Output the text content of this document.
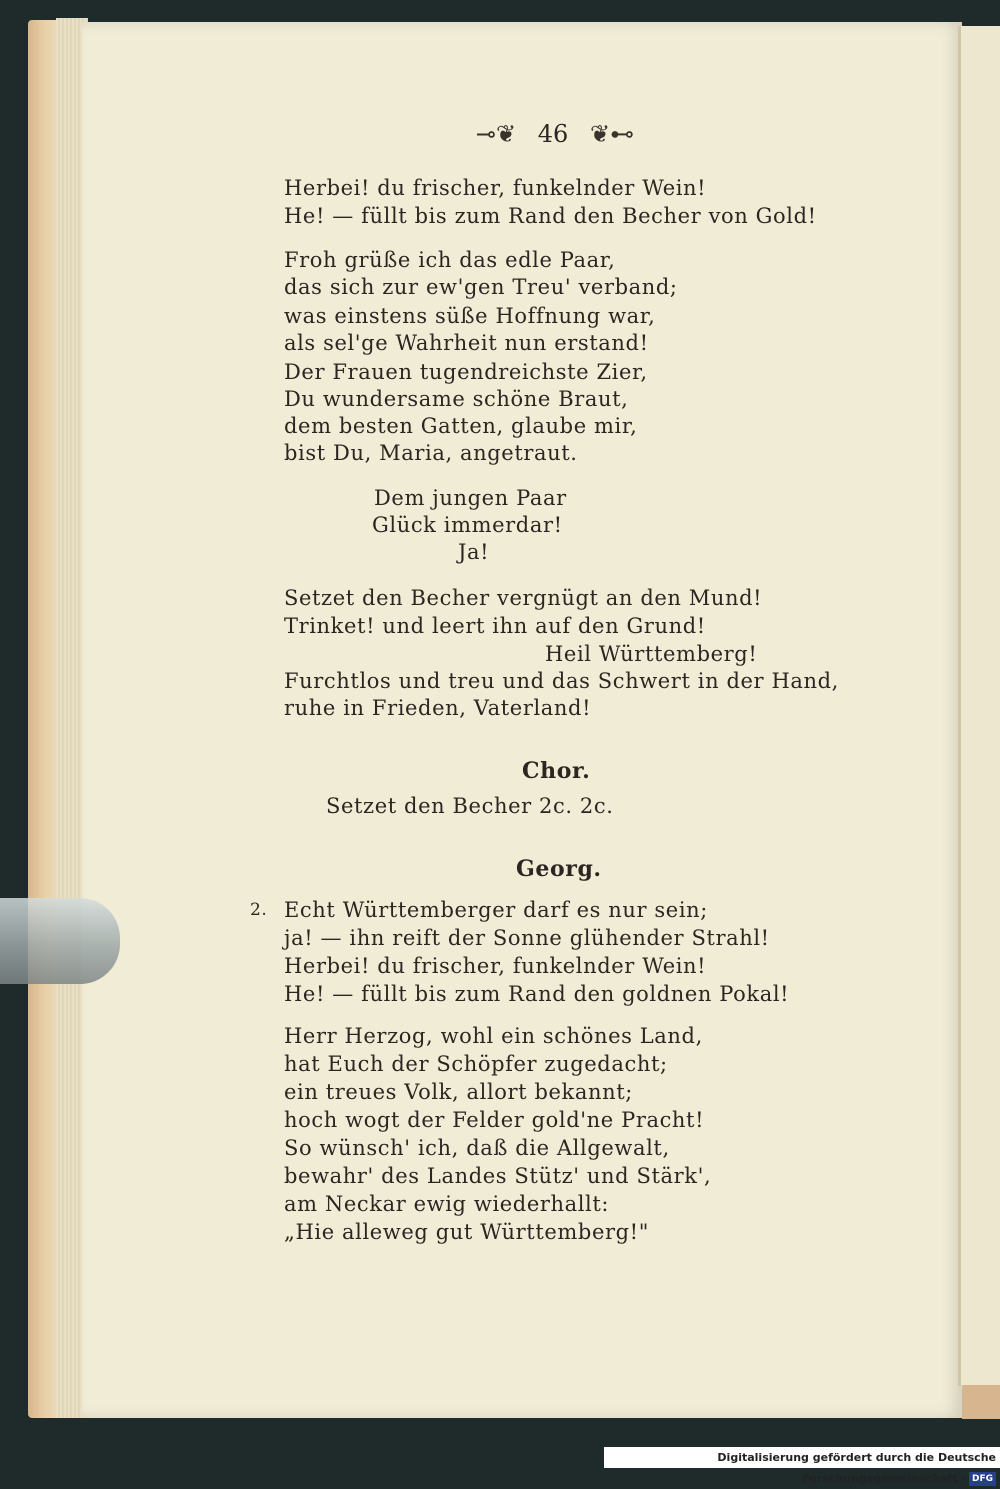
⊸❦ 46 ❦⊷
Herbei! du frischer, funkelnder Wein!
He! — füllt bis zum Rand den Becher von Gold!
Froh grüße ich das edle Paar,
das sich zur ew'gen Treu' verband;
was einstens süße Hoffnung war,
als sel'ge Wahrheit nun erstand!
Der Frauen tugendreichste Zier,
Du wundersame schöne Braut,
dem besten Gatten, glaube mir,
bist Du, Maria, angetraut.
Dem jungen Paar
Glück immerdar!
Ja!
Setzet den Becher vergnügt an den Mund!
Trinket! und leert ihn auf den Grund!
Heil Württemberg!
Furchtlos und treu und das Schwert in der Hand,
ruhe in Frieden, Vaterland!
Chor.
Setzet den Becher 2c. 2c.
Georg.
2. Echt Württemberger darf es nur sein;
ja! — ihn reift der Sonne glühender Strahl!
Herbei! du frischer, funkelnder Wein!
He! — füllt bis zum Rand den goldnen Pokal!
Herr Herzog, wohl ein schönes Land,
hat Euch der Schöpfer zugedacht;
ein treues Volk, allort bekannt;
hoch wogt der Felder gold'ne Pracht!
So wünsch' ich, daß die Allgewalt,
bewahr' des Landes Stütz' und Stärk',
am Neckar ewig wiederhallt:
„Hie alleweg gut Württemberg!"
Digitalisierung gefördert durch die Deutsche Forschungsgemeinschaft - DFG
